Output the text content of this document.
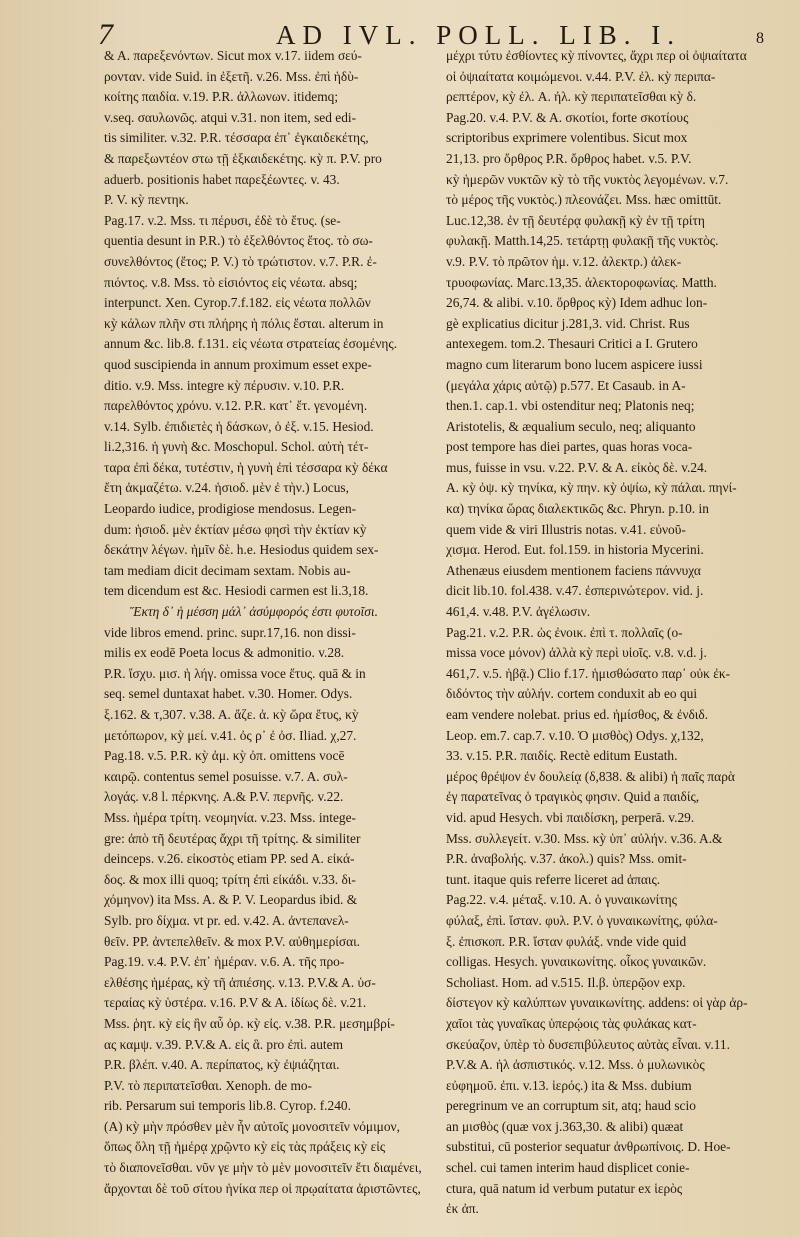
7	AD IVL. POLL. LIB. I.	8
& A. παρεξενόντων. Sicut mox v.17. iidem σεύ-
ρονταν. vide Suid. in ἐξετῆ. v.26. Mss. ἐπὶ ἡδὺ-
κοίτης παιδία. v.19. P.R. ἀλλωνων. itidemq;
v.seq. σαυλωνῶς. atqui v.31. non item, sed edi-
tis similiter. v.32. P.R. τέσσαρα ἐπ᾽ ἐγκαιδεκέτης,
& παρεξωντέον στω τῇ ἑξκαιδεκέτης. κỳ π. P.V. pro
aduerb. positionis habet παρεξέωντες. v. 43.
P. V. κỳ πεντηκ.
Pag.17. v.2. Mss. τι πέρυσι, ἐδὲ τὸ ἔτυς. (se-
quentia desunt in P.R.) τὸ ἐξελθόντος ἔτος. τὸ σω-
συνελθόντος (ἔτος; P. V.) τὸ τρώτιστον. v.7. P.R. ἐ-
πιόντος. v.8. Mss. τὸ εἰσιόντος εἰς νέωτα. absq;
interpunct. Xen. Cyrop.7.f.182. εἰς νέωτα πολλῶν
κỳ κάλων πλῆν στι πλήρης ἡ πόλις ἔσται. alterum in
annum &c. lib.8. f.131. εἰς νέωτα στρατείας ἐσομένης.
quod suscipienda in annum proximum esset expe-
ditio. v.9. Mss. integre κỳ πέρυσιν. v.10. P.R.
παρελθόντος χρόνυ. v.12. P.R. κατ᾽ ἔτ. γενομένη.
v.14. Sylb. ἐπιδιετὲς ἡ δάσκων, ὁ ἐξ. v.15. Hesiod.
li.2,316. ἡ γυνὴ &c. Moschopul. Schol. αὐτὴ τέτ-
ταρα ἐπὶ δέκα, τυτέστιν, ἡ γυνὴ ἐπὶ τέσσαρα κỳ δέκα
ἔτη ἀκμαζέτω. v.24. ἡσιοδ. μὲν ἐ τὴν.) Locus,
Leopardo iudice, prodigiose mendosus. Legen-
dum: ἡσιοδ. μὲν ἐκτίαν μέσω φησὶ τὴν ἐκτίαν κỳ
δεκάτην λέγων. ἡμῖν δὲ. h.e. Hesiodus quidem sex-
tam mediam dicit decimam sextam. Nobis au-
tem dicendum est &c. Hesiodi carmen est li.3,18.
Ἕκτη δ᾽ ἡ μέσση μάλ᾽ ἀσύμφορός ἐστι φυτοῖσι.
vide libros emend. princ. supr.17,16. non dissi-
milis ex eodē Poeta locus & admonitio. v.28.
P.R. ἴσχυ. μισ. ἡ λήγ. omissa voce ἔτυς. quā & in
seq. semel duntaxat habet. v.30. Homer. Odys.
ξ.162. & τ,307. v.38. A. ἄζε. ἀ. κỳ ὥρα ἔτυς, κỳ
μετόπωρον, κỳ μεί. v.41. ὀς ρ᾽ ἐ ὀσ. Iliad. χ,27.
Pag.18. v.5. P.R. κỳ ἀμ. κỳ ὀπ. omittens vocē
καιρῷ. contentus semel posuisse. v.7. A. συλ-
λογάς. v.8 l. πέρκνης. A.& P.V. περνῆς. v.22.
Mss. ἡμέρα τρίτη. νεομηνία. v.23. Mss. intege-
gre: ἀπὸ τῆ δευτέρας ἄχρι τῆ τρίτης. & similiter
deinceps. v.26. εἰκοστὸς etiam PP. sed A. εἰκά-
δος. & mox illi quoq; τρίτη ἐπὶ εἰκάδι. v.33. δι-
χόμηνον) ita Mss. A. & P. V. Leopardus ibid. &
Sylb. pro δίχμα. vt pr. ed. v.42. A. ἀντεπανελ-
θεῖν. PP. ἀντεπελθεῖν. & mox P.V. αὐθημερίσαι.
Pag.19. v.4. P.V. ἐπ᾽ ἡμέραν. v.6. A. τῆς προ-
ελθέσης ἡμέρας, κỳ τῆ ἀπιέσης. v.13. P.V.& A. ὑσ-
τεραίας κỳ ὑστέρα. v.16. P.V & A. ἰδίως δὲ. v.21.
Mss. ῥητ. κỳ εἰς ἣν αὖ ὀρ. κỳ εἰς. v.38. P.R. μεσημβρί-
ας καμψ. v.39. P.V.& A. εἰς ἃ. pro ἐπὶ. autem
P.R. βλέπ. v.40. A. περίπατος, κỳ ἐψιάζηται.
P.V. τὸ περιπατεῖσθαι. Xenoph. de mo-
rib. Persarum sui temporis lib.8. Cyrop. f.240.
(A) κỳ μὴν πρόσθεν μὲν ἦν αὐτοῖς μονοσιτεῖν νόμιμον,
ὅπως ὅλη τῇ ἡμέρᾳ χρῷντο κỳ εἰς τὰς πράξεις κỳ εἰς
τὸ διαπονεῖσθαι. νῦν γε μὴν τὸ μὲν μονοσιτεῖν ἔτι διαμένει,
ἄρχονται δὲ τοῦ σίτου ἡνίκα περ οἱ πρῳαίτατα ἀριστῶντες,
μέχρι τύτυ ἐσθίοντες κỳ πίνοντες, ἄχρι περ οἱ ὀψιαίτατα
οἱ ὀψιαίτατα κοιμώμενοι. v.44. P.V. ἐλ. κỳ περιπα-
ρεπτέρον, κỳ ἐλ. A. ἠλ. κỳ περιπατεῖσθαι κỳ δ.
Pag.20. v.4. P.V. & A. σκοτίοι, forte σκοτίους
scriptoribus exprimere volentibus. Sicut mox
21,13. pro ὄρθρος P.R. ὄρθρος habet. v.5. P.V.
κỳ ἡμερῶν νυκτῶν κỳ τὸ τῆς νυκτὸς λεγομένων. v.7.
τὸ μέρος τῆς νυκτὸς.) πλεονάζει. Mss. hæc omittūt.
Luc.12,38. ἐν τῇ δευτέρᾳ φυλακῇ κỳ ἐν τῇ τρίτη
φυλακῇ. Matth.14,25. τετάρτῃ φυλακῇ τῆς νυκτὸς.
v.9. P.V. τὸ πρῶτον ἡμ. v.12. ἀλεκτρ.) ἀλεκ-
τρυοφωνίας. Marc.13,35. ἀλεκτοροφωνίας. Matth.
26,74. & alibi. v.10. ὄρθρος κỳ) Idem adhuc lon-
gè explicatius dicitur j.281,3. vid. Christ. Rus
antexegem. tom.2. Thesauri Critici a I. Grutero
magno cum literarum bono lucem aspicere iussi
(μεγάλα χάρις αὐτῷ) p.577. Et Casaub. in A-
then.1. cap.1. vbi ostenditur neq; Platonis neq;
Aristotelis, & æqualium seculo, neq; aliquanto
post tempore has diei partes, quas horas voca-
mus, fuisse in vsu. v.22. P.V. & A. εἰκὸς δὲ. v.24.
A. κỳ ὀψ. κỳ τηνίκα, κỳ πην. κỳ ὀψίω, κỳ πάλαι. πηνί-
κα) τηνίκα ὥρας διαλεκτικῶς &c. Phryn. p.10. in
quem vide & viri Illustris notas. v.41. εὐνοῦ-
χισμα. Herod. Eut. fol.159. in historia Mycerini.
Athenæus eiusdem mentionem faciens πάννυχα
dicit lib.10. fol.438. v.47. ἐσπερινώτερον. vid. j.
461,4. v.48. P.V. ἀγέλωσιν.
Pag.21. v.2. P.R. ὡς ἐνοικ. ἐπὶ τ. πολλαῖς (o-
missa voce μόνον) ἀλλὰ κỳ περὶ υἱοῖς. v.8. v.d. j.
461,7. v.5. ἡβᾷ.) Clio f.17. ἡμισθώσατο παρ᾽ οὐκ ἐκ-
διδόντος τὴν αὐλήν. cortem conduxit ab eo qui
eam vendere nolebat. prius ed. ἡμίσθος, & ἐνδιδ.
Leop. em.7. cap.7. v.10. Ὁ μισθὸς) Odys. χ,132,
33. v.15. P.R. παιδίς. Rectè editum Eustath.
μέρος θρέψον ἐν δουλείᾳ (δ,838. & alibi) ἡ παῖς παρὰ
ἐγ παρατεῖνας ὁ τραγικὸς φησιν. Quid a παιδίς,
vid. apud Hesych. vbi παιδίσκη, perperā. v.29.
Mss. συλλεγείτ. v.30. Mss. κỳ ὑπ᾽ αὐλήν. v.36. A.&
P.R. ἀναβολής. v.37. ἀκολ.) quis? Mss. omit-
tunt. itaque quis referre liceret ad ἁπαις.
Pag.22. v.4. μέταξ. v.10. A. ὁ γυναικωνίτης
φύλαξ, ἐπὶ. ἴσταν. φυλ. P.V. ὁ γυναικωνίτης, φύλα-
ξ. ἐπισκοπ. P.R. ἴσταν φυλάξ. vnde vide quid
colligas. Hesych. γυναικωνίτης. οἶκος γυναικῶν.
Scholiast. Hom. ad v.515. Il.β. ὑπερῷον exp.
δίστεγον κỳ καλύπτων γυναικωνίτης. addens: οἱ γὰρ ἀρ-
χαῖοι τὰς γυναῖκας ὑπερῴοις τὰς φυλάκας κατ-
σκεύαζον, ὑπὲρ τὸ δυσεπιβύλευτος αὐτὰς εἶναι. v.11.
P.V.& A. ἠλ ἀσπιστικός. v.12. Mss. ὁ μυλωνικὸς
εὐφημοῦ. ἐπι. v.13. ἱερός.) ita & Mss. dubium
peregrinum ve an corruptum sit, atq; haud scio
an μισθὸς (quæ vox j.363,30. & alibi) quæat
substitui, cū posterior sequatur ἀνθρωπίνοις. D. Hoe-
schel. cui tamen interim haud displicet conie-
ctura, quā natum id verbum putatur ex ἱερὸς
ἐκ ἀπ.
